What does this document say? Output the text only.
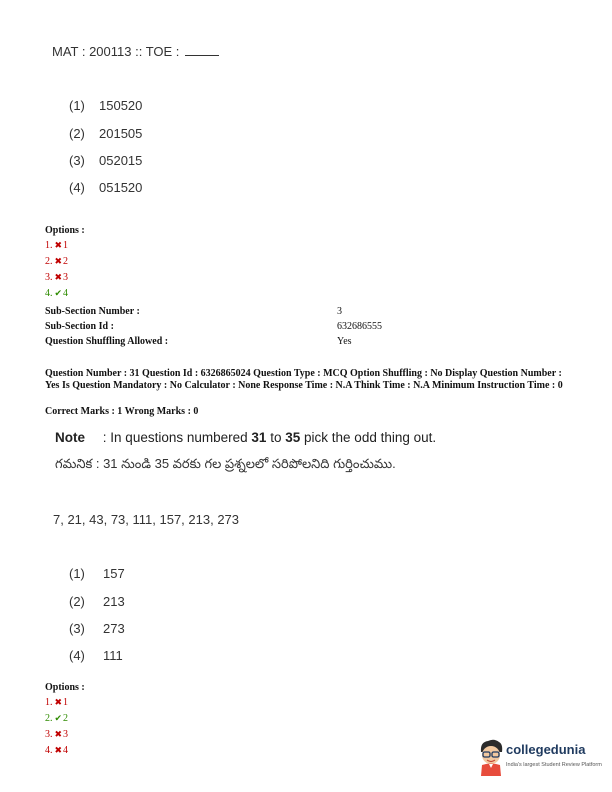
MAT : 200113 :: TOE :
(1) 150520
(2) 201505
(3) 052015
(4) 051520
Options :
1. ✖1
2. ✖2
3. ✖3
4. ✔4
Sub-Section Number :	3
Sub-Section Id :	632686555
Question Shuffling Allowed :	Yes
Question Number : 31 Question Id : 6326865024 Question Type : MCQ Option Shuffling : No Display Question Number : Yes Is Question Mandatory : No Calculator : None Response Time : N.A Think Time : N.A Minimum Instruction Time : 0
Correct Marks : 1 Wrong Marks : 0
Note : In questions numbered 31 to 35 pick the odd thing out.
గమనిక : 31 నుండి 35 వరకు గల ప్రశ్నలలో సరిపోలనిది గుర్తించుము.
7, 21, 43, 73, 111, 157, 213, 273
(1) 157
(2) 213
(3) 273
(4) 111
Options :
1. ✖1
2. ✔2
3. ✖3
4. ✖4	collegedunia
India's largest Student Review Platform
